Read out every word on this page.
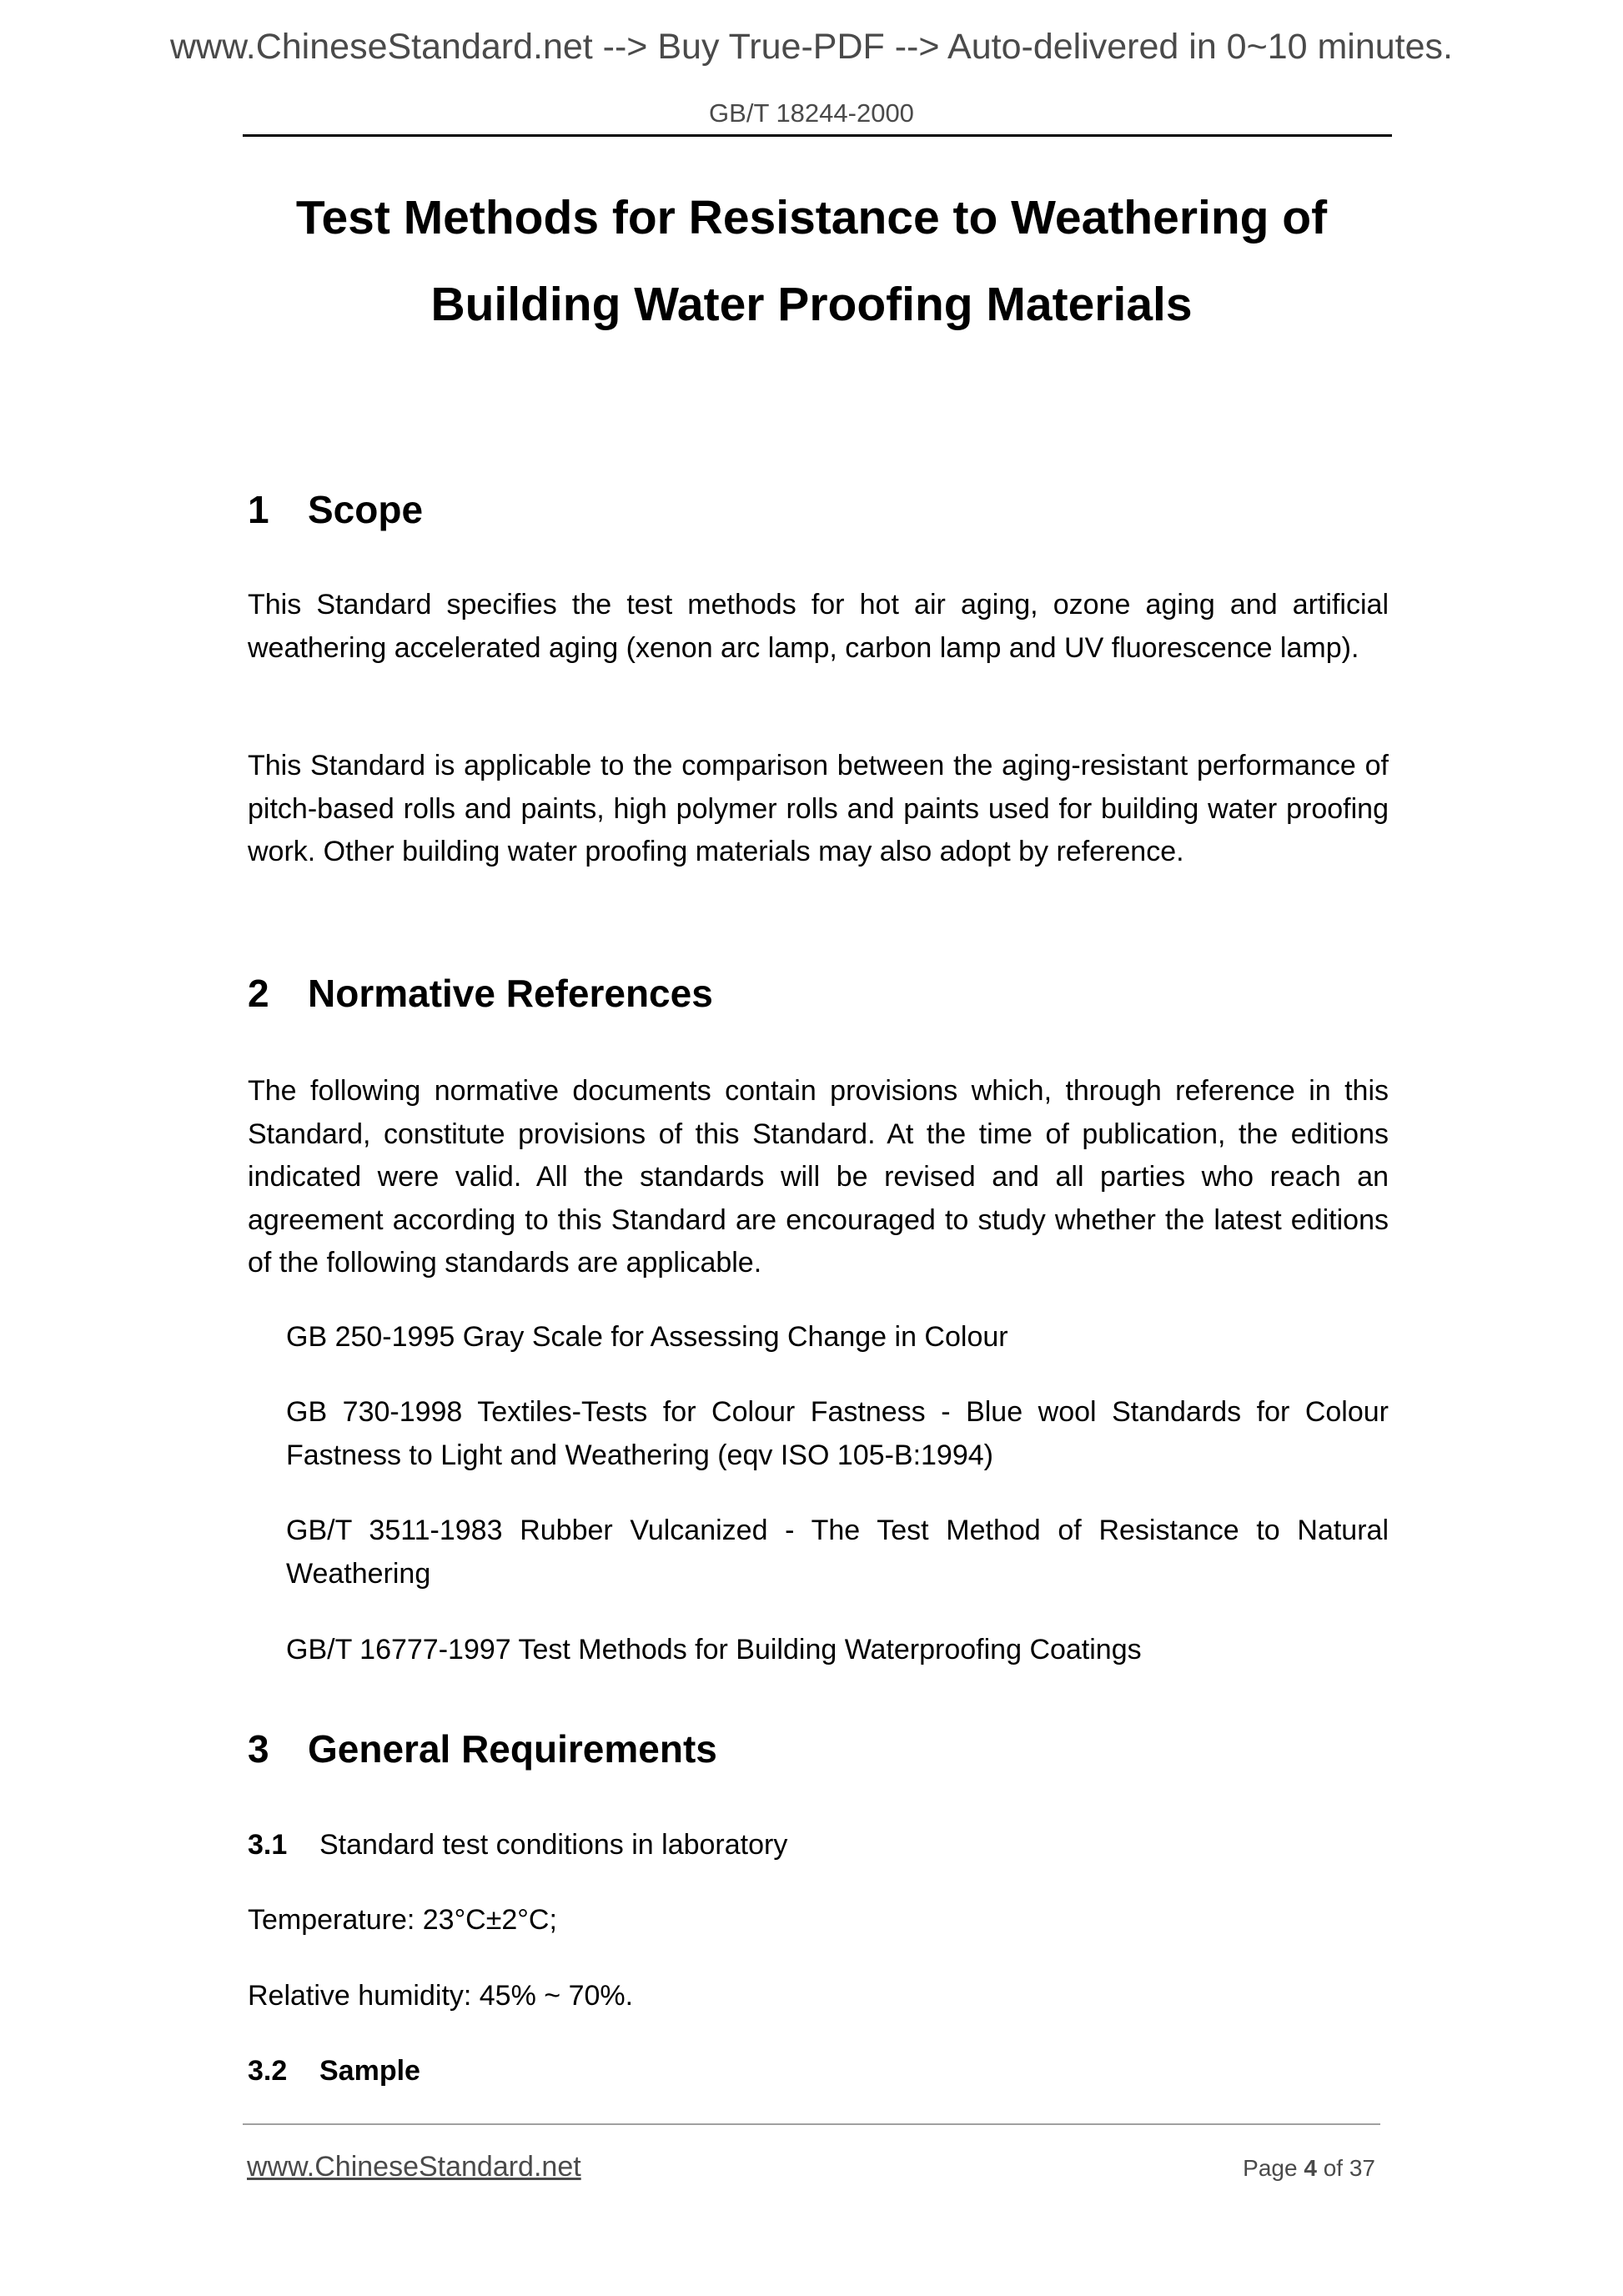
www.ChineseStandard.net --> Buy True-PDF --> Auto-delivered in 0~10 minutes.
GB/T 18244-2000
Test Methods for Resistance to Weathering of
Building Water Proofing Materials
1 Scope
This Standard specifies the test methods for hot air aging, ozone aging and artificial weathering accelerated aging (xenon arc lamp, carbon lamp and UV fluorescence lamp).
This Standard is applicable to the comparison between the aging-resistant performance of pitch-based rolls and paints, high polymer rolls and paints used for building water proofing work. Other building water proofing materials may also adopt by reference.
2 Normative References
The following normative documents contain provisions which, through reference in this Standard, constitute provisions of this Standard. At the time of publication, the editions indicated were valid. All the standards will be revised and all parties who reach an agreement according to this Standard are encouraged to study whether the latest editions of the following standards are applicable.
GB 250-1995 Gray Scale for Assessing Change in Colour
GB 730-1998 Textiles-Tests for Colour Fastness - Blue wool Standards for Colour Fastness to Light and Weathering (eqv ISO 105-B:1994)
GB/T 3511-1983 Rubber Vulcanized - The Test Method of Resistance to Natural Weathering
GB/T 16777-1997 Test Methods for Building Waterproofing Coatings
3 General Requirements
3.1 Standard test conditions in laboratory
Temperature: 23°C±2°C;
Relative humidity: 45% ~ 70%.
3.2 Sample
www.ChineseStandard.net	Page 4 of 37
